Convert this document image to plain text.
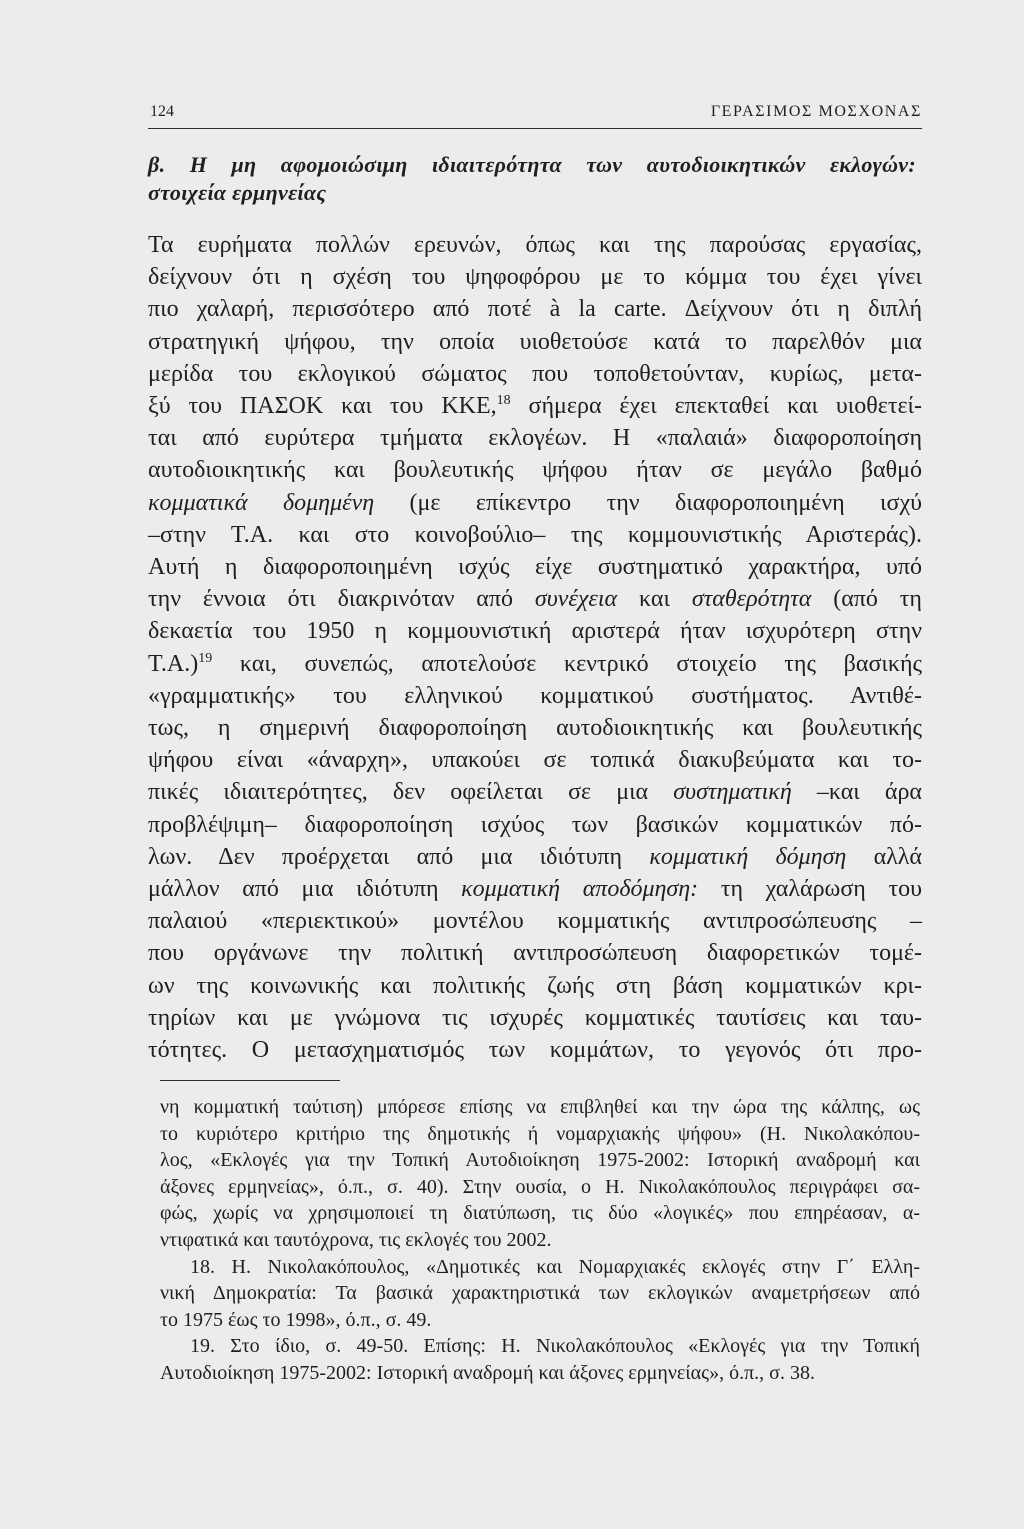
124	ΓΕΡΑΣΙΜΟΣ ΜΟΣΧΟΝΑΣ
β. Η μη αφομοιώσιμη ιδιαιτερότητα των αυτοδιοικητικών εκλογών:
στοιχεία ερμηνείας
Τα ευρήματα πολλών ερευνών, όπως και της παρούσας εργασίας,
δείχνουν ότι η σχέση του ψηφοφόρου με το κόμμα του έχει γίνει
πιο χαλαρή, περισσότερο από ποτέ à la carte. Δείχνουν ότι η διπλή
στρατηγική ψήφου, την οποία υιοθετούσε κατά το παρελθόν μια
μερίδα του εκλογικού σώματος που τοποθετούνταν, κυρίως, μετα-
ξύ του ΠΑΣΟΚ και του ΚΚΕ,$^{18}$ σήμερα έχει επεκταθεί και υιοθετεί-
ται από ευρύτερα τμήματα εκλογέων. Η «παλαιά» διαφοροποίηση
αυτοδιοικητικής και βουλευτικής ψήφου ήταν σε μεγάλο βαθμό
κομματικά δομημένη (με επίκεντρο την διαφοροποιημένη ισχύ
–στην Τ.Α. και στο κοινοβούλιο– της κομμουνιστικής Αριστεράς).
Αυτή η διαφοροποιημένη ισχύς είχε συστηματικό χαρακτήρα, υπό
την έννοια ότι διακρινόταν από συνέχεια και σταθερότητα (από τη
δεκαετία του 1950 η κομμουνιστική αριστερά ήταν ισχυρότερη στην
Τ.Α.)$^{19}$ και, συνεπώς, αποτελούσε κεντρικό στοιχείο της βασικής
«γραμματικής» του ελληνικού κομματικού συστήματος. Αντιθέ-
τως, η σημερινή διαφοροποίηση αυτοδιοικητικής και βουλευτικής
ψήφου είναι «άναρχη», υπακούει σε τοπικά διακυβεύματα και το-
πικές ιδιαιτερότητες, δεν οφείλεται σε μια συστηματική –και άρα
προβλέψιμη– διαφοροποίηση ισχύος των βασικών κομματικών πό-
λων. Δεν προέρχεται από μια ιδιότυπη κομματική δόμηση αλλά
μάλλον από μια ιδιότυπη κομματική αποδόμηση: τη χαλάρωση του
παλαιού «περιεκτικού» μοντέλου κομματικής αντιπροσώπευσης –
που οργάνωνε την πολιτική αντιπροσώπευση διαφορετικών τομέ-
ων της κοινωνικής και πολιτικής ζωής στη βάση κομματικών κρι-
τηρίων και με γνώμονα τις ισχυρές κομματικές ταυτίσεις και ταυ-
τότητες. Ο μετασχηματισμός των κομμάτων, το γεγονός ότι προ-
νη κομματική ταύτιση) μπόρεσε επίσης να επιβληθεί και την ώρα της κάλπης, ως
το κυριότερο κριτήριο της δημοτικής ή νομαρχιακής ψήφου» (Η. Νικολακόπου-
λος, «Εκλογές για την Τοπική Αυτοδιοίκηση 1975-2002: Ιστορική αναδρομή και
άξονες ερμηνείας», ό.π., σ. 40). Στην ουσία, ο Η. Νικολακόπουλος περιγράφει σα-
φώς, χωρίς να χρησιμοποιεί τη διατύπωση, τις δύο «λογικές» που επηρέασαν, α-
ντιφατικά και ταυτόχρονα, τις εκλογές του 2002.
18. Η. Νικολακόπουλος, «Δημοτικές και Νομαρχιακές εκλογές στην Γ΄ Ελλη-
νική Δημοκρατία: Τα βασικά χαρακτηριστικά των εκλογικών αναμετρήσεων από
το 1975 έως το 1998», ό.π., σ. 49.
19. Στο ίδιο, σ. 49-50. Επίσης: Η. Νικολακόπουλος «Εκλογές για την Τοπική
Αυτοδιοίκηση 1975-2002: Ιστορική αναδρομή και άξονες ερμηνείας», ό.π., σ. 38.
